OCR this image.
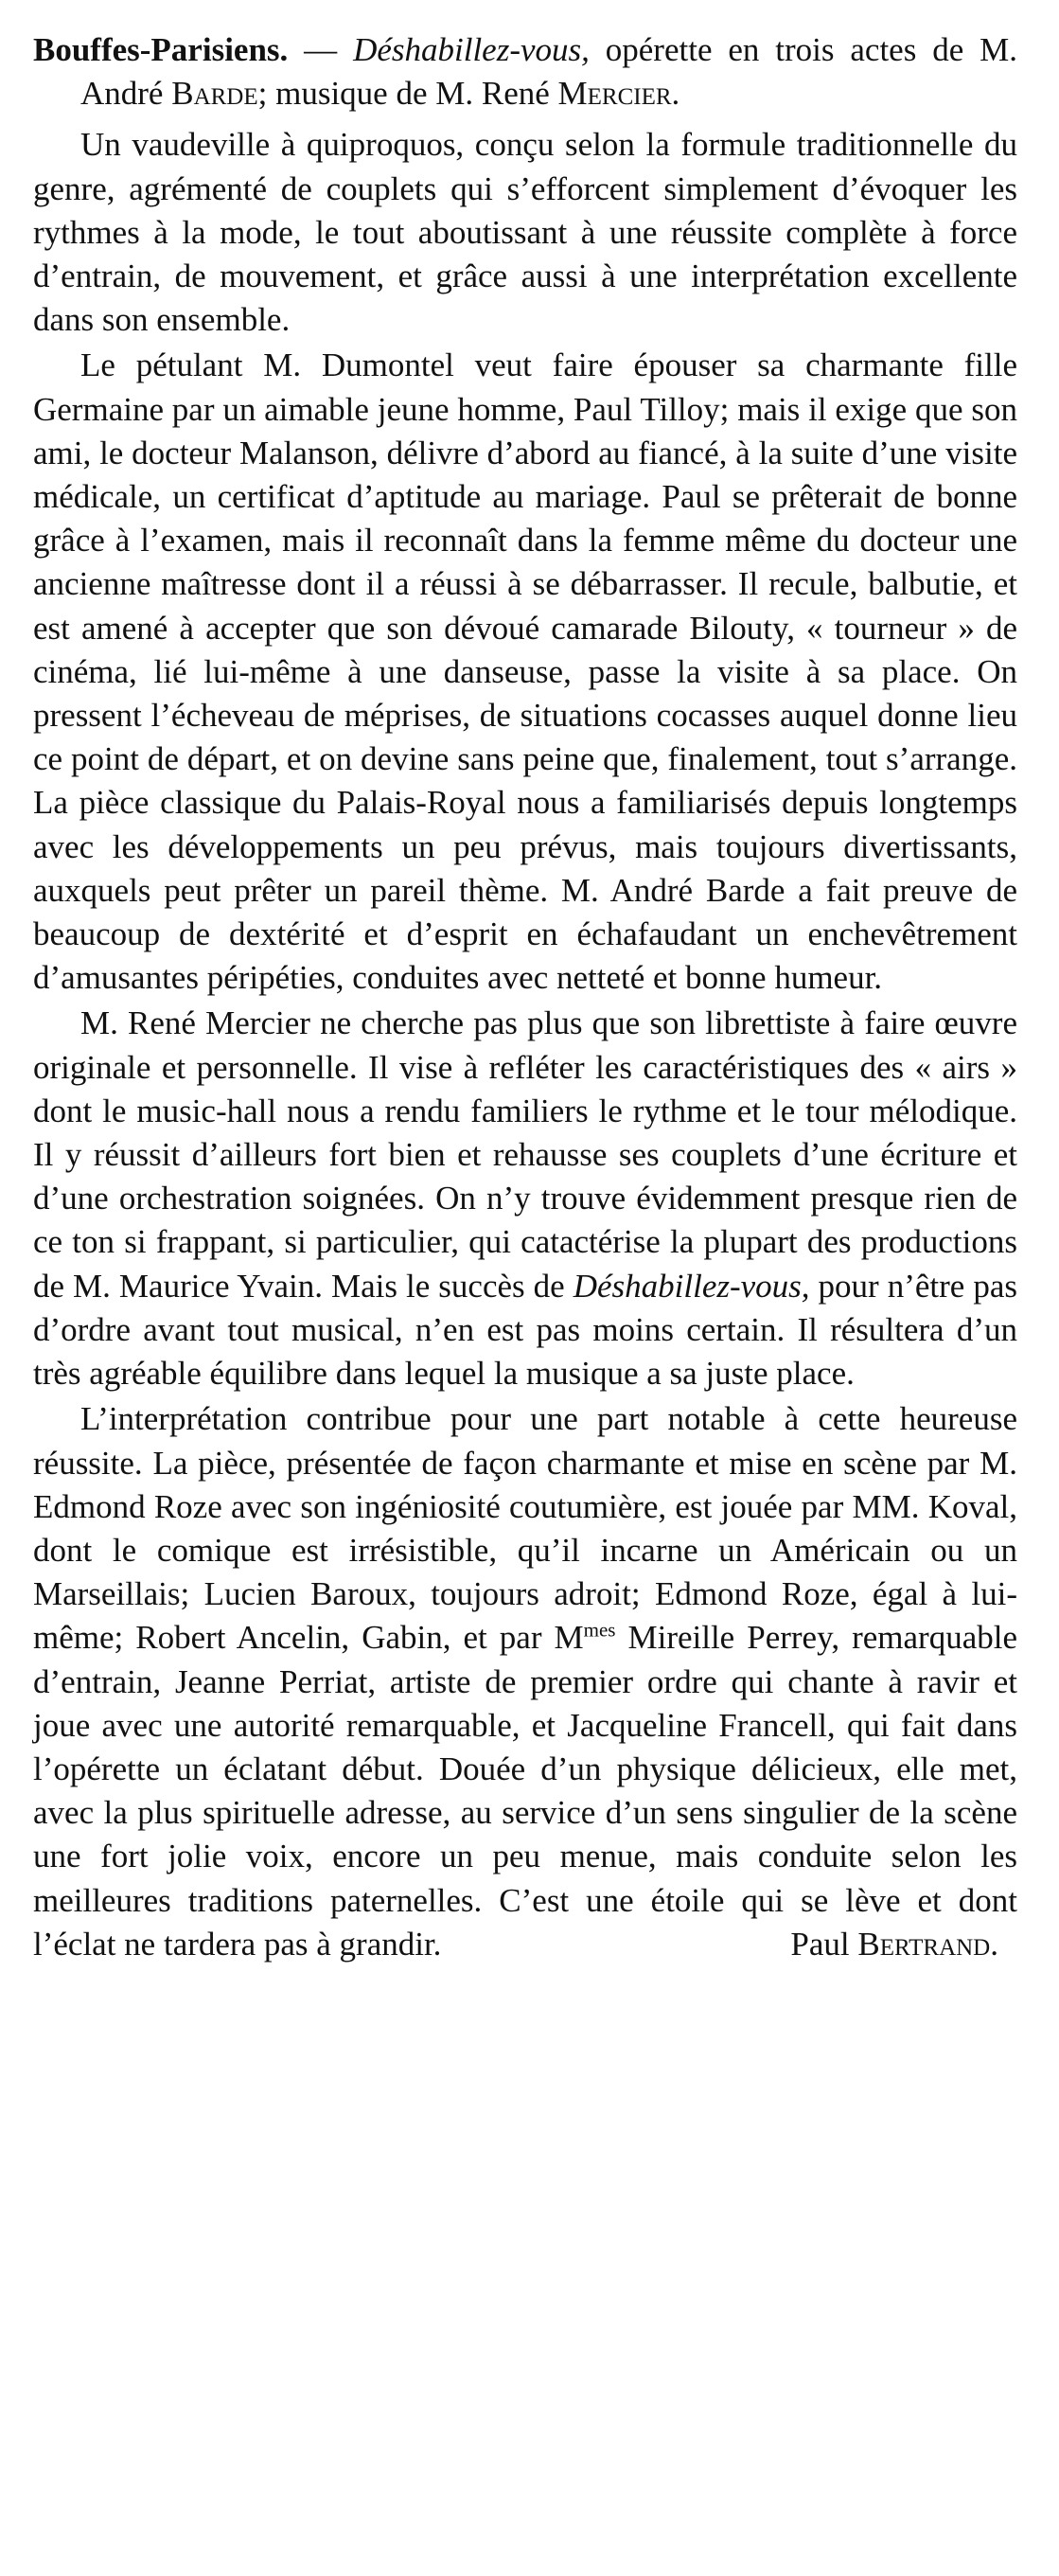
Bouffes-Parisiens. — Déshabillez-vous, opérette en trois actes de M. André Barde; musique de M. René Mercier.

Un vaudeville à quiproquos, conçu selon la formule traditionnelle du genre, agrémenté de couplets qui s’efforcent simplement d’évoquer les rythmes à la mode, le tout aboutissant à une réussite complète à force d’entrain, de mouvement, et grâce aussi à une interprétation excellente dans son ensemble.

Le pétulant M. Dumontel veut faire épouser sa charmante fille Germaine par un aimable jeune homme, Paul Tilloy; mais il exige que son ami, le docteur Malanson, délivre d’abord au fiancé, à la suite d’une visite médicale, un certificat d’aptitude au mariage. Paul se prêterait de bonne grâce à l’examen, mais il reconnaît dans la femme même du docteur une ancienne maîtresse dont il a réussi à se débarrasser. Il recule, balbutie, et est amené à accepter que son dévoué camarade Bilouty, « tourneur » de cinéma, lié lui-même à une danseuse, passe la visite à sa place. On pressent l’écheveau de méprises, de situations cocasses auquel donne lieu ce point de départ, et on devine sans peine que, finalement, tout s’arrange. La pièce classique du Palais-Royal nous a familiarisés depuis longtemps avec les développements un peu prévus, mais toujours divertissants, auxquels peut prêter un pareil thème. M. André Barde a fait preuve de beaucoup de dextérité et d’esprit en échafaudant un enchevêtrement d’amusantes péripéties, conduites avec netteté et bonne humeur.

M. René Mercier ne cherche pas plus que son librettiste à faire œuvre originale et personnelle. Il vise à refléter les caractéristiques des « airs » dont le music-hall nous a rendu familiers le rythme et le tour mélodique. Il y réussit d’ailleurs fort bien et rehausse ses couplets d’une écriture et d’une orchestration soignées. On n’y trouve évidemment presque rien de ce ton si frappant, si particulier, qui catactérise la plupart des productions de M. Maurice Yvain. Mais le succès de Déshabillez-vous, pour n’être pas d’ordre avant tout musical, n’en est pas moins certain. Il résultera d’un très agréable équilibre dans lequel la musique a sa juste place.

L’interprétation contribue pour une part notable à cette heureuse réussite. La pièce, présentée de façon charmante et mise en scène par M. Edmond Roze avec son ingéniosité coutumière, est jouée par MM. Koval, dont le comique est irrésistible, qu’il incarne un Américain ou un Marseillais; Lucien Baroux, toujours adroit; Edmond Roze, égal à lui-même; Robert Ancelin, Gabin, et par $M^{mes}$ Mireille Perrey, remarquable d’entrain, Jeanne Perriat, artiste de premier ordre qui chante à ravir et joue avec une autorité remarquable, et Jacqueline Francell, qui fait dans l’opérette un éclatant début. Douée d’un physique délicieux, elle met, avec la plus spirituelle adresse, au service d’un sens singulier de la scène une fort jolie voix, encore un peu menue, mais conduite selon les meilleures traditions paternelles. C’est une étoile qui se lève et dont l’éclat ne tardera pas à grandir.	Paul Bertrand.
